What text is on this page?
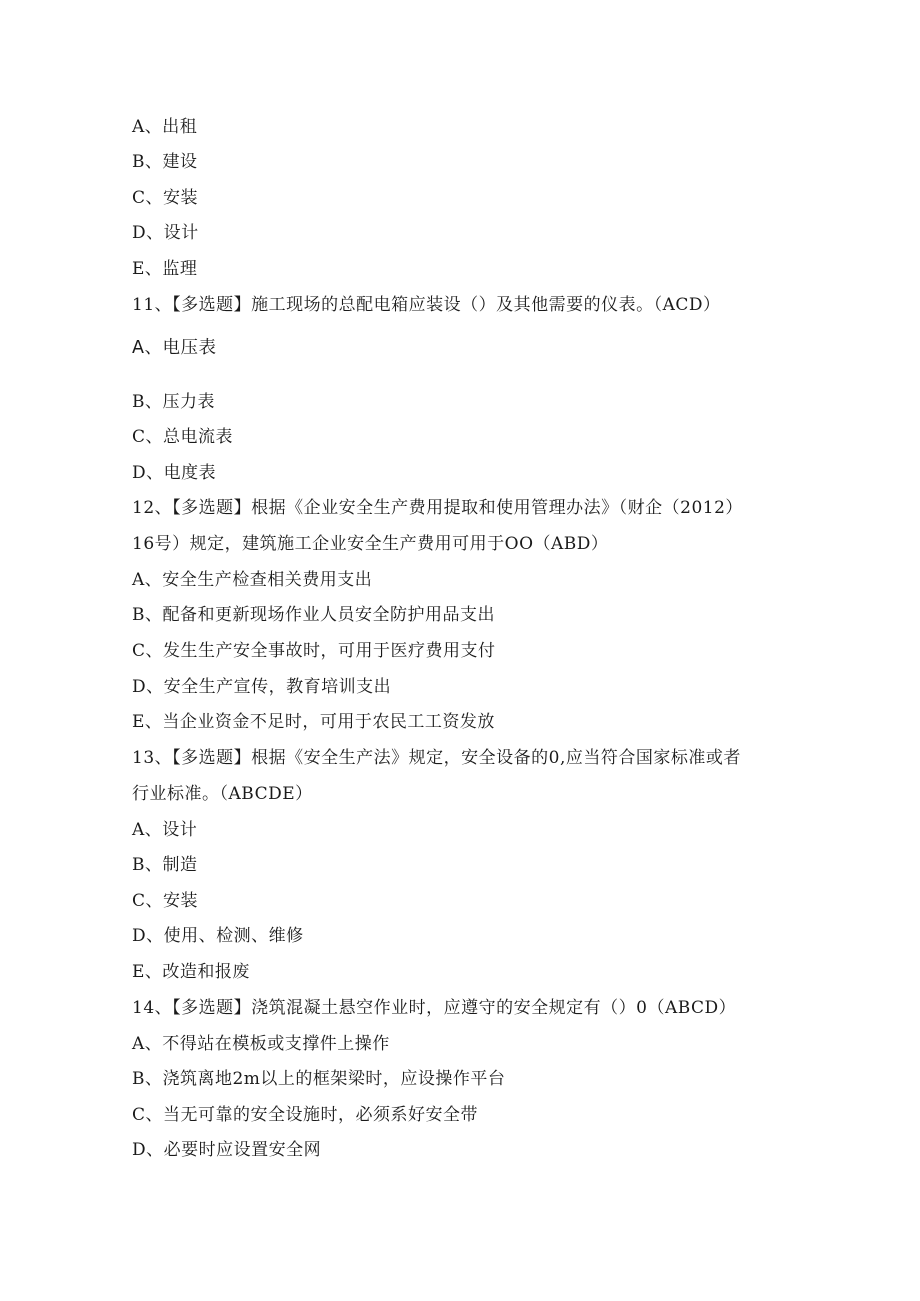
A、出租
B、建设
C、安装
D、设计
E、监理
11、【多选题】施工现场的总配电箱应装设（）及其他需要的仪表。（ACD）
A、电压表
B、压力表
C、总电流表
D、电度表
12、【多选题】根据《企业安全生产费用提取和使用管理办法》（财企（2012）
16号）规定，建筑施工企业安全生产费用可用于OO（ABD）
A、安全生产检查相关费用支出
B、配备和更新现场作业人员安全防护用品支出
C、发生生产安全事故时，可用于医疗费用支付
D、安全生产宣传，教育培训支出
E、当企业资金不足时，可用于农民工工资发放
13、【多选题】根据《安全生产法》规定，安全设备的0,应当符合国家标准或者
行业标准。（ABCDE）
A、设计
B、制造
C、安装
D、使用、检测、维修
E、改造和报废
14、【多选题】浇筑混凝土悬空作业时，应遵守的安全规定有（）0（ABCD）
A、不得站在模板或支撑件上操作
B、浇筑离地2m以上的框架梁时，应设操作平台
C、当无可靠的安全设施时，必须系好安全带
D、必要时应设置安全网
